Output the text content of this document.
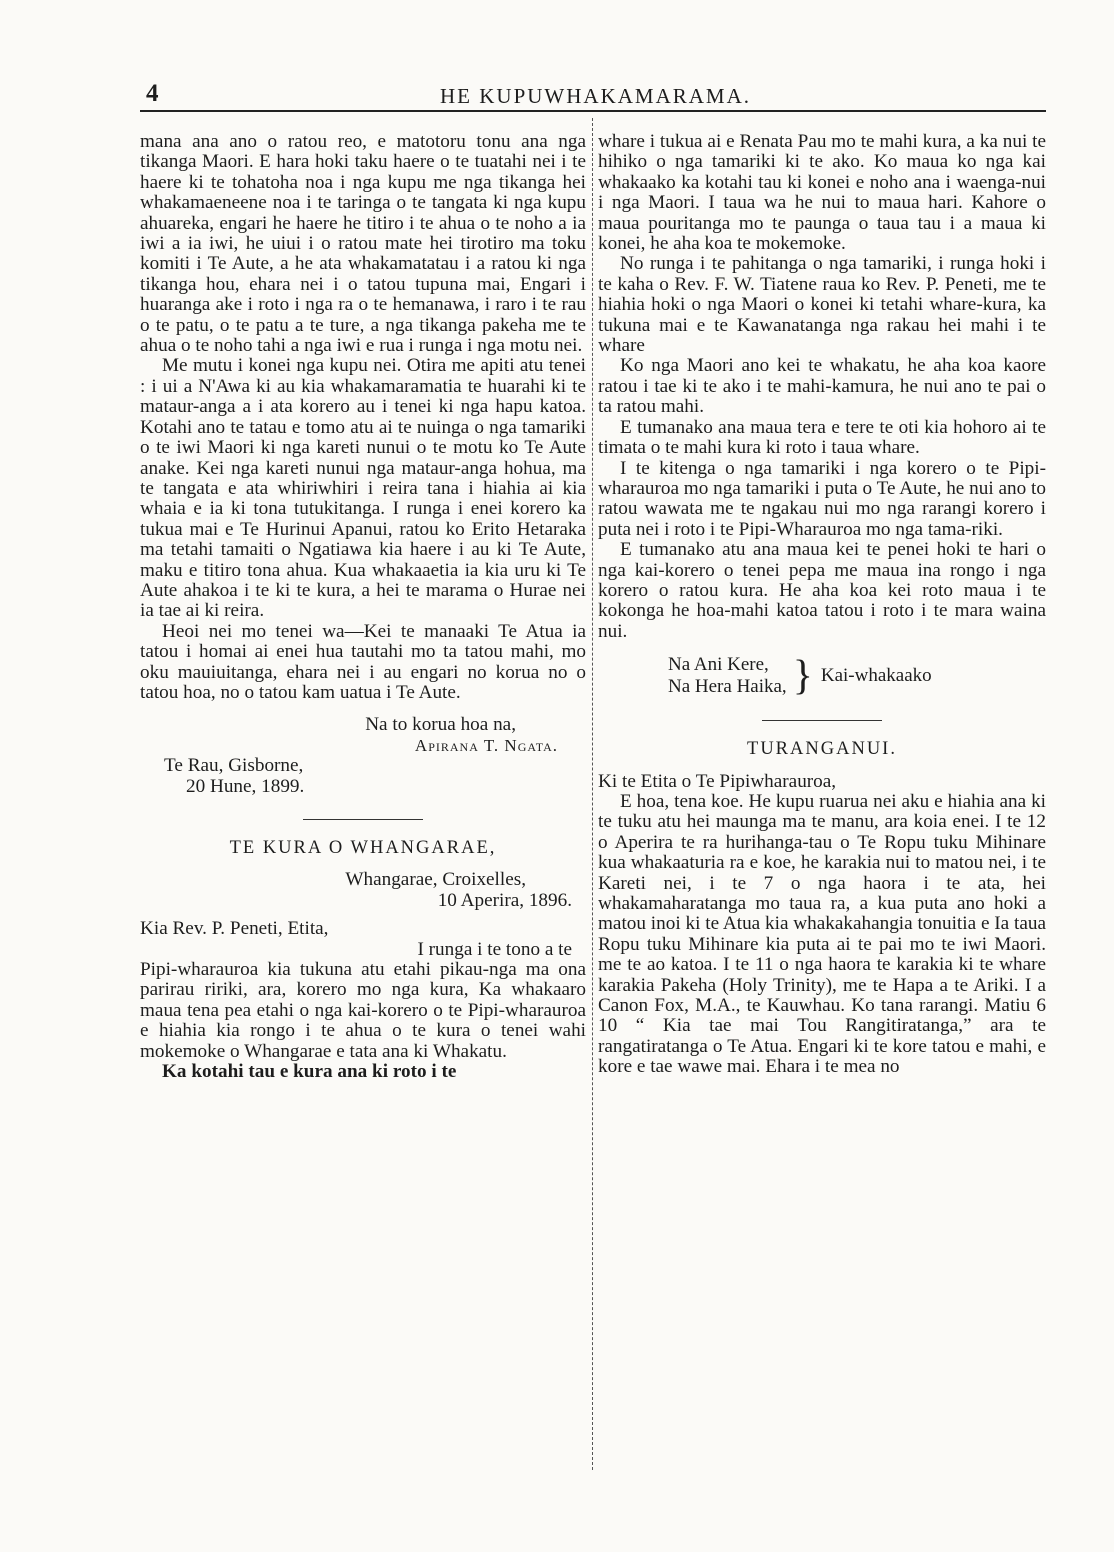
4	HE KUPUWHAKAMARAMA.

mana ana ano o ratou reo, e matotoru tonu ana nga tikanga Maori. E hara hoki taku haere o te tuatahi nei i te haere ki te tohatoha noa i nga kupu me nga tikanga hei whakamaeneene noa i te taringa o te tangata ki nga kupu ahuareka, engari he haere he titiro i te ahua o te noho a ia iwi a ia iwi, he uiui i o ratou mate hei tirotiro ma toku komiti i Te Aute, a he ata whakamatatau i a ratou ki nga tikanga hou, ehara nei i o tatou tupuna mai, Engari i huaranga ake i roto i nga ra o te hemanawa, i raro i te rau o te patu, o te patu a te ture, a nga tikanga pakeha me te ahua o te noho tahi a nga iwi e rua i runga i nga motu nei.

Me mutu i konei nga kupu nei. Otira me apiti atu tenei : i ui a N'Awa ki au kia whakamaramatia te huarahi ki te mataur-anga a i ata korero au i tenei ki nga hapu katoa. Kotahi ano te tatau e tomo atu ai te nuinga o nga tamariki o te iwi Maori ki nga kareti nunui o te motu ko Te Aute anake. Kei nga kareti nunui nga mataur-anga hohua, ma te tangata e ata whiriwhiri i reira tana i hiahia ai kia whaia e ia ki tona tutukitanga. I runga i enei korero ka tukua mai e Te Hurinui Apanui, ratou ko Erito Hetaraka ma tetahi tamaiti o Ngatiawa kia haere i au ki Te Aute, maku e titiro tona ahua. Kua whakaaetia ia kia uru ki Te Aute ahakoa i te ki te kura, a hei te marama o Hurae nei ia tae ai ki reira.

Heoi nei mo tenei wa—Kei te manaaki Te Atua ia tatou i homai ai enei hua tautahi mo ta tatou mahi, mo oku mauiuitanga, ehara nei i au engari no korua no o tatou hoa, no o tatou kam uatua i Te Aute.

Na to korua hoa na,

Apirana T. Ngata.

Te Rau, Gisborne,

20 Hune, 1899.

TE KURA O WHANGARAE,

Whangarae, Croixelles,

10 Aperira, 1896.

Kia Rev. P. Peneti, Etita,

I runga i te tono a te

Pipi-wharauroa kia tukuna atu etahi pikau-nga ma ona parirau ririki, ara, korero mo nga kura, Ka whakaaro maua tena pea etahi o nga kai-korero o te Pipi-wharauroa e hiahia kia rongo i te ahua o te kura o tenei wahi mokemoke o Whangarae e tata ana ki Whakatu.

Ka kotahi tau e kura ana ki roto i te

whare i tukua ai e Renata Pau mo te mahi kura, a ka nui te hihiko o nga tamariki ki te ako. Ko maua ko nga kai whakaako ka kotahi tau ki konei e noho ana i waenga-nui i nga Maori. I taua wa he nui to maua hari. Kahore o maua pouritanga mo te paunga o taua tau i a maua ki konei, he aha koa te mokemoke.

No runga i te pahitanga o nga tamariki, i runga hoki i te kaha o Rev. F. W. Tiatene raua ko Rev. P. Peneti, me te hiahia hoki o nga Maori o konei ki tetahi whare-kura, ka tukuna mai e te Kawanatanga nga rakau hei mahi i te whare

Ko nga Maori ano kei te whakatu, he aha koa kaore ratou i tae ki te ako i te mahi-kamura, he nui ano te pai o ta ratou mahi.

E tumanako ana maua tera e tere te oti kia hohoro ai te timata o te mahi kura ki roto i taua whare.

I te kitenga o nga tamariki i nga korero o te Pipi-wharauroa mo nga tamariki i puta o Te Aute, he nui ano to ratou wawata me te ngakau nui mo nga rarangi korero i puta nei i roto i te Pipi-Wharauroa mo nga tama-riki.

E tumanako atu ana maua kei te penei hoki te hari o nga kai-korero o tenei pepa me maua ina rongo i nga korero o ratou kura. He aha koa kei roto maua i te kokonga he hoa-mahi katoa tatou i roto i te mara waina nui.

Na Ani Kere,
Na Hera Haika, } Kai-whakaako

TURANGANUI.

Ki te Etita o Te Pipiwharauroa,

E hoa, tena koe. He kupu ruarua nei aku e hiahia ana ki te tuku atu hei maunga ma te manu, ara koia enei. I te 12 o Aperira te ra hurihanga-tau o Te Ropu tuku Mihinare kua whakaaturia ra e koe, he karakia nui to matou nei, i te Kareti nei, i te 7 o nga haora i te ata, hei whakamaharatanga mo taua ra, a kua puta ano hoki a matou inoi ki te Atua kia whakakahangia tonuitia e Ia taua Ropu tuku Mihinare kia puta ai te pai mo te iwi Maori. me te ao katoa. I te 11 o nga haora te karakia ki te whare karakia Pakeha (Holy Trinity), me te Hapa a te Ariki. I a Canon Fox, M.A., te Kauwhau. Ko tana rarangi. Matiu 6 10 “ Kia tae mai Tou Rangitiratanga,” ara te rangatiratanga o Te Atua. Engari ki te kore tatou e mahi, e kore e tae wawe mai. Ehara i te mea no
